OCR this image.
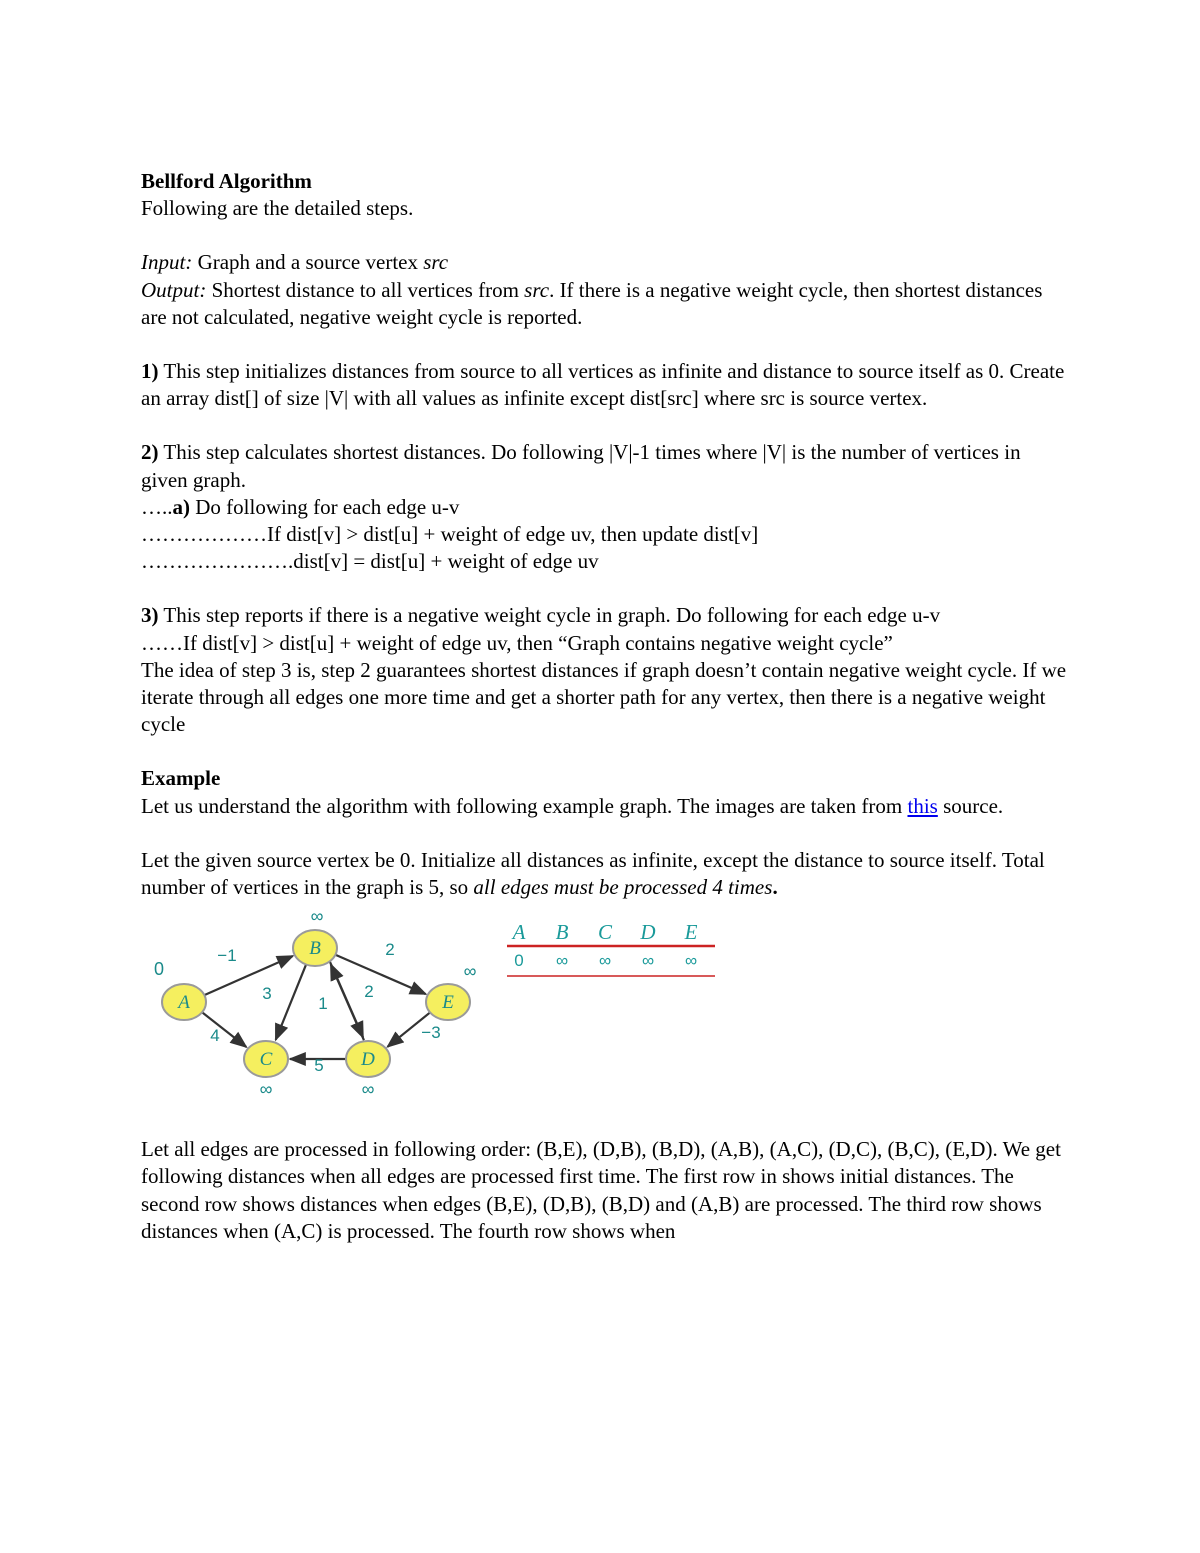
Bellford Algorithm

Following are the detailed steps.

Input: Graph and a source vertex src

Output: Shortest distance to all vertices from src. If there is a negative weight cycle, then shortest distances are not calculated, negative weight cycle is reported.

1) This step initializes distances from source to all vertices as infinite and distance to source itself as 0. Create an array dist[] of size |V| with all values as infinite except dist[src] where src is source vertex.

2) This step calculates shortest distances. Do following |V|-1 times where |V| is the number of vertices in given graph.

…..a) Do following for each edge u-v

………………If dist[v] > dist[u] + weight of edge uv, then update dist[v]

………………….dist[v] = dist[u] + weight of edge uv

3) This step reports if there is a negative weight cycle in graph. Do following for each edge u-v

……If dist[v] > dist[u] + weight of edge uv, then “Graph contains negative weight cycle”

The idea of step 3 is, step 2 guarantees shortest distances if graph doesn’t contain negative weight cycle. If we iterate through all edges one more time and get a shorter path for any vertex, then there is a negative weight cycle

Example

Let us understand the algorithm with following example graph. The images are taken from this source.

Let the given source vertex be 0. Initialize all distances as infinite, except the distance to source itself. Total number of vertices in the graph is 5, so all edges must be processed 4 times.

A
B
C	D
E
−1
4
3
2
2
1
5
−3
0
∞
∞	∞
∞
A B C D E
0 ∞ ∞ ∞ ∞

Let all edges are processed in following order: (B,E), (D,B), (B,D), (A,B), (A,C), (D,C), (B,C), (E,D). We get following distances when all edges are processed first time. The first row in shows initial distances. The second row shows distances when edges (B,E), (D,B), (B,D) and (A,B) are processed. The third row shows distances when (A,C) is processed. The fourth row shows when
